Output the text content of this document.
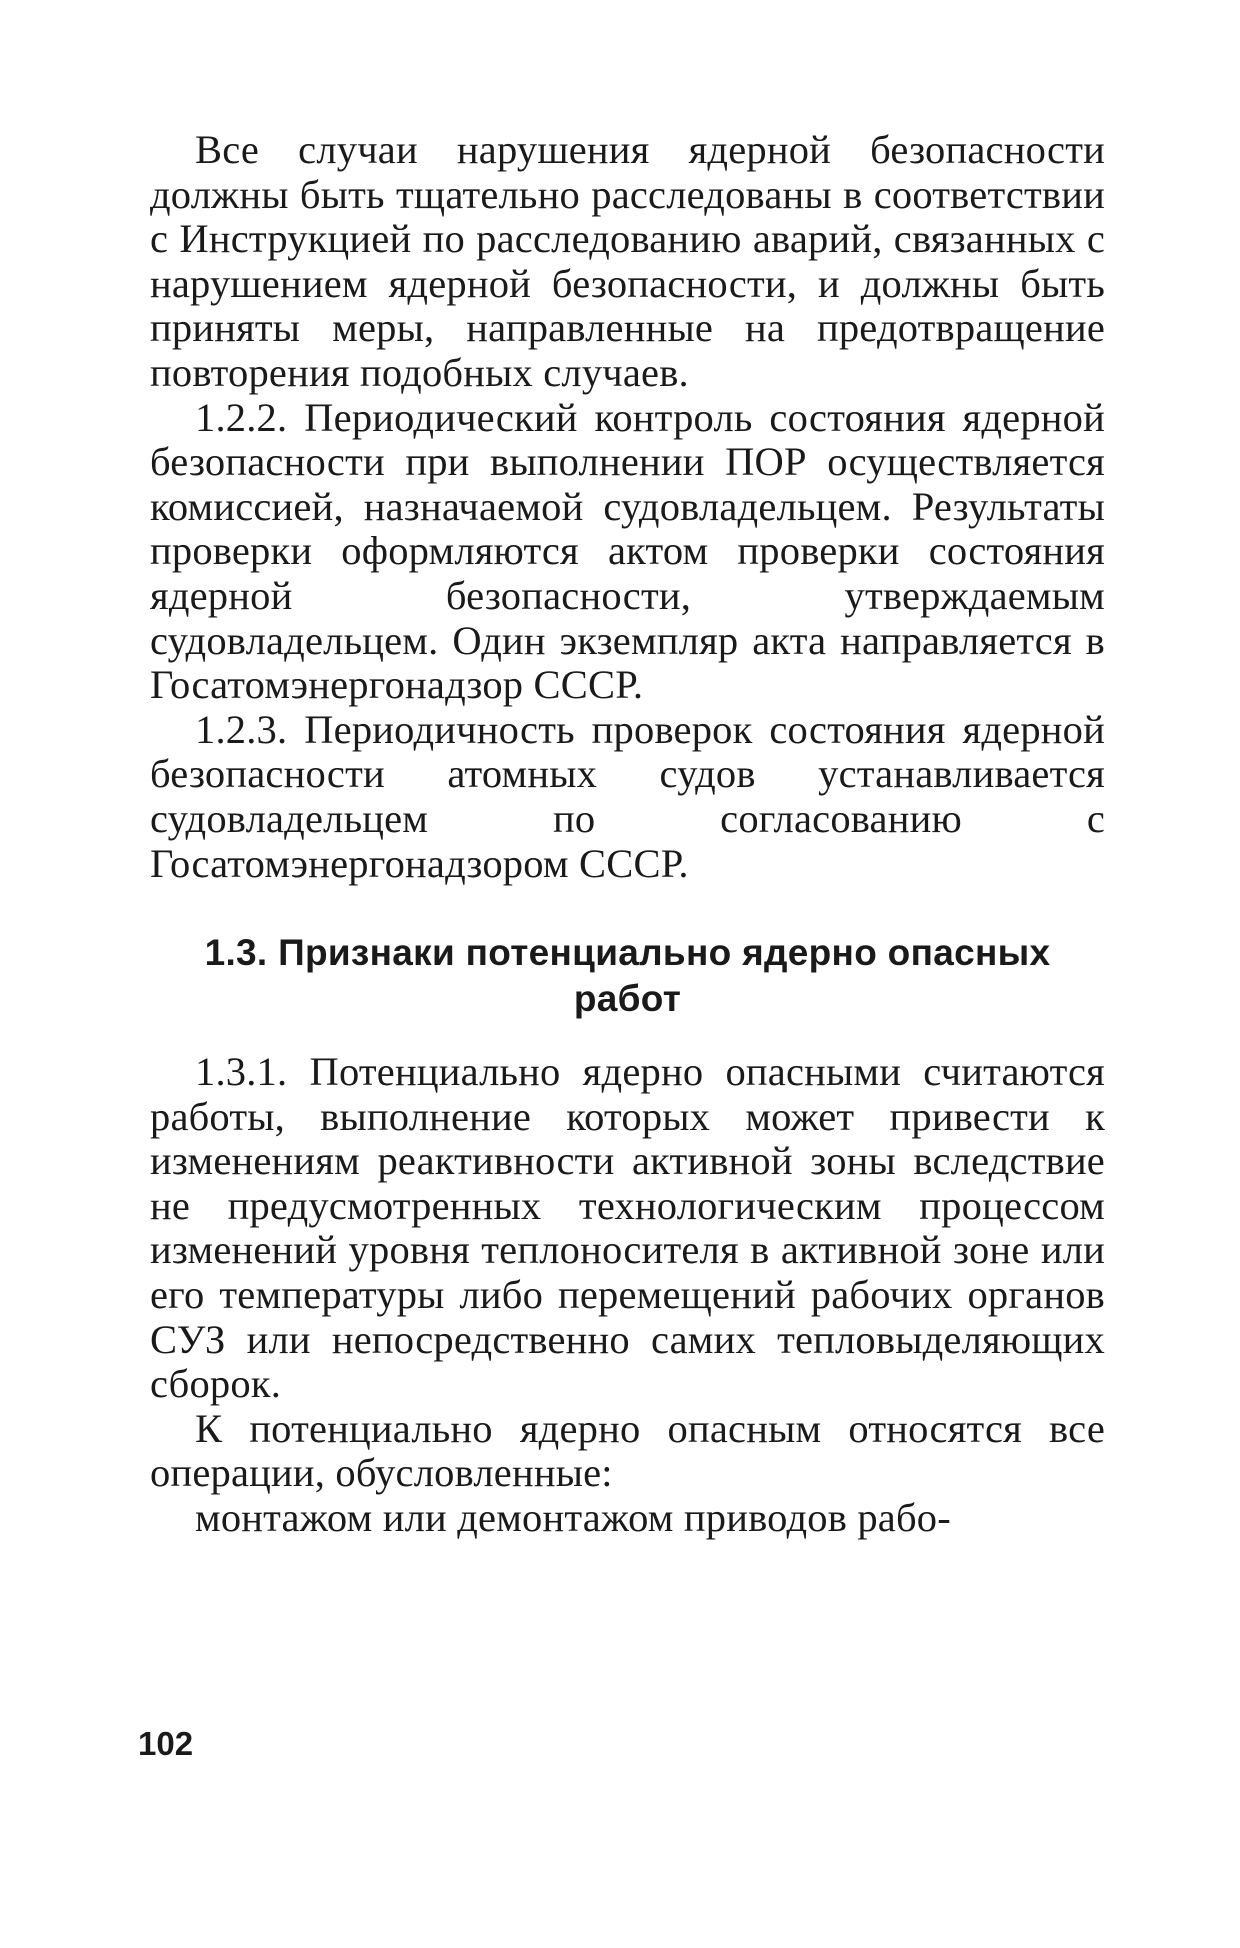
Все случаи нарушения ядерной безопасности должны быть тщательно расследованы в соответствии с Инструкцией по расследованию аварий, связанных с нарушением ядерной безопасности, и должны быть приняты меры, направленные на предотвращение повторения подобных случаев.

1.2.2. Периодический контроль состояния ядерной безопасности при выполнении ПОР осуществляется комиссией, назначаемой судовладельцем. Результаты проверки оформляются актом проверки состояния ядерной безопасности, утверждаемым судовладельцем. Один экземпляр акта направляется в Госатомэнергонадзор СССР.

1.2.3. Периодичность проверок состояния ядерной безопасности атомных судов устанавливается судовладельцем по согласованию с Госатомэнергонадзором СССР.

1.3. Признаки потенциально ядерно опасных работ

1.3.1. Потенциально ядерно опасными считаются работы, выполнение которых может привести к изменениям реактивности активной зоны вследствие не предусмотренных технологическим процессом изменений уровня теплоносителя в активной зоне или его температуры либо перемещений рабочих органов СУЗ или непосредственно самих тепловыделяющих сборок.

К потенциально ядерно опасным относятся все операции, обусловленные:

монтажом или демонтажом приводов рабо-

102
